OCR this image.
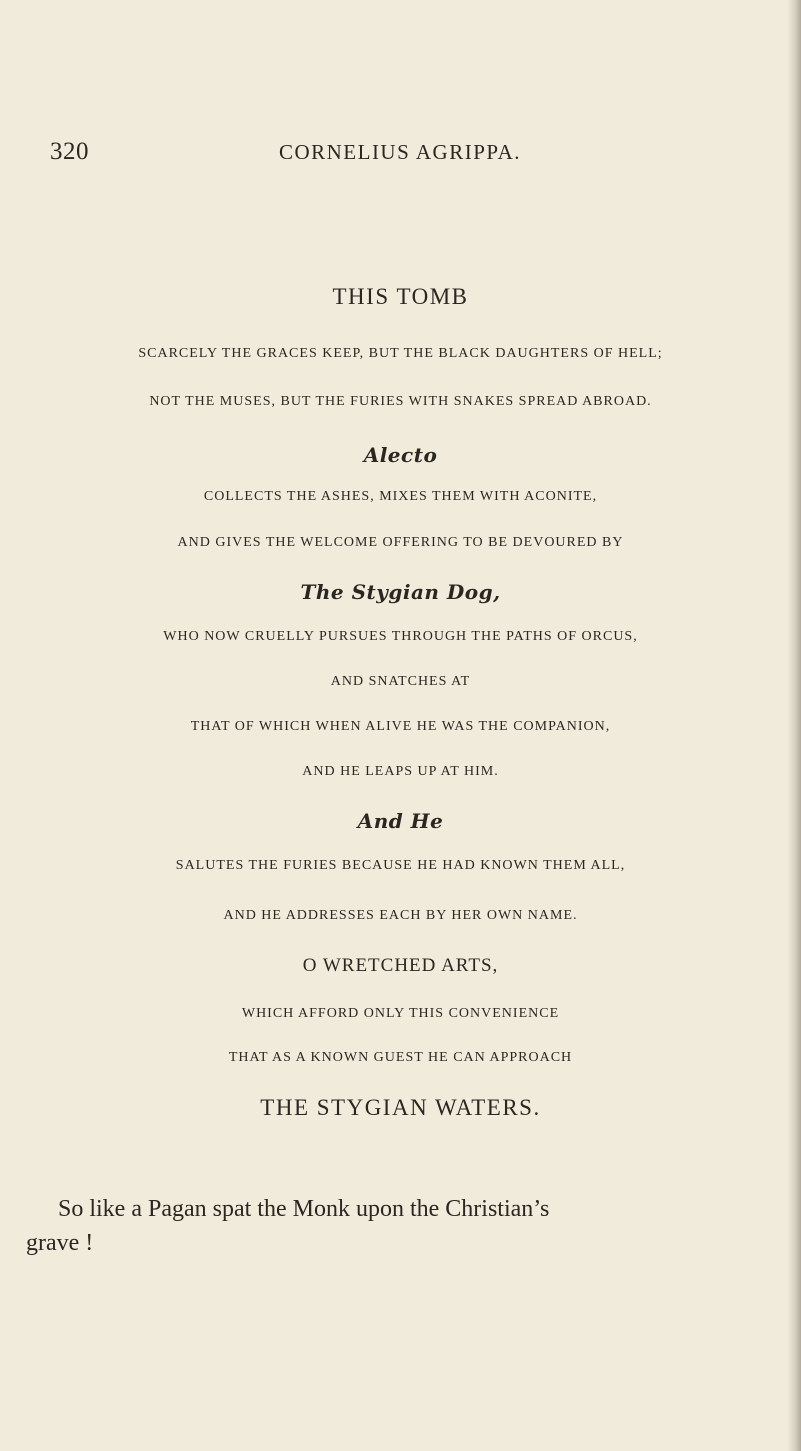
320	CORNELIUS AGRIPPA.
THIS TOMB
SCARCELY THE GRACES KEEP, BUT THE BLACK DAUGHTERS OF HELL;
NOT THE MUSES, BUT THE FURIES WITH SNAKES SPREAD ABROAD.
Alecto
COLLECTS THE ASHES, MIXES THEM WITH ACONITE,
AND GIVES THE WELCOME OFFERING TO BE DEVOURED BY
The Stygian Dog,
WHO NOW CRUELLY PURSUES THROUGH THE PATHS OF ORCUS,
AND SNATCHES AT
THAT OF WHICH WHEN ALIVE HE WAS THE COMPANION,
AND HE LEAPS UP AT HIM.
And He
SALUTES THE FURIES BECAUSE HE HAD KNOWN THEM ALL,
AND HE ADDRESSES EACH BY HER OWN NAME.
O WRETCHED ARTS,
WHICH AFFORD ONLY THIS CONVENIENCE
THAT AS A KNOWN GUEST HE CAN APPROACH
THE STYGIAN WATERS.
So like a Pagan spat the Monk upon the Christian’s
grave !
